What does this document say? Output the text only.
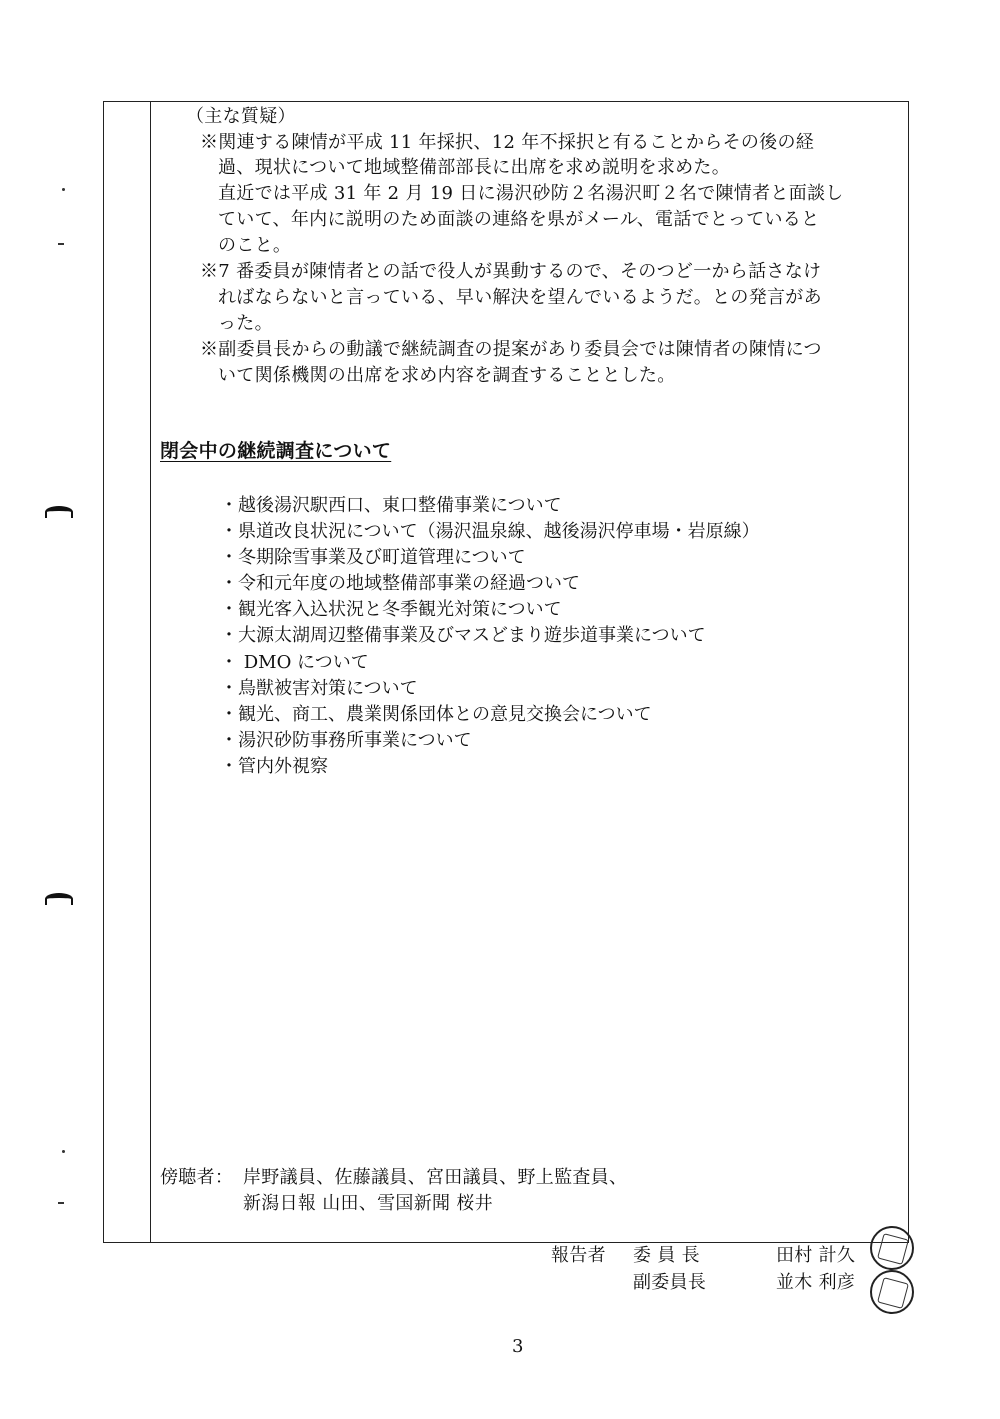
（主な質疑）
※関連する陳情が平成 11 年採択、12 年不採択と有ることからその後の経
過、現状について地域整備部部長に出席を求め説明を求めた。
直近では平成 31 年 2 月 19 日に湯沢砂防２名湯沢町２名で陳情者と面談し
ていて、年内に説明のため面談の連絡を県がメール、電話でとっていると
のこと。
※7 番委員が陳情者との話で役人が異動するので、そのつど一から話さなけ
ればならないと言っている、早い解決を望んでいるようだ。との発言があ
った。
※副委員長からの動議で継続調査の提案があり委員会では陳情者の陳情につ
いて関係機関の出席を求め内容を調査することとした。
閉会中の継続調査について
・越後湯沢駅西口、東口整備事業について
・県道改良状況について（湯沢温泉線、越後湯沢停車場・岩原線）
・冬期除雪事業及び町道管理について
・令和元年度の地域整備部事業の経過ついて
・観光客入込状況と冬季観光対策について
・大源太湖周辺整備事業及びマスどまり遊歩道事業について
・ DMO について
・鳥獣被害対策について
・観光、商工、農業関係団体との意見交換会について
・湯沢砂防事務所事業について
・管内外視察
傍聴者： 岸野議員、佐藤議員、宮田議員、野上監査員、
新潟日報 山田、雪国新聞 桜井
報告者 委 員 長	田村 計久
副委員長	並木 利彦
3
